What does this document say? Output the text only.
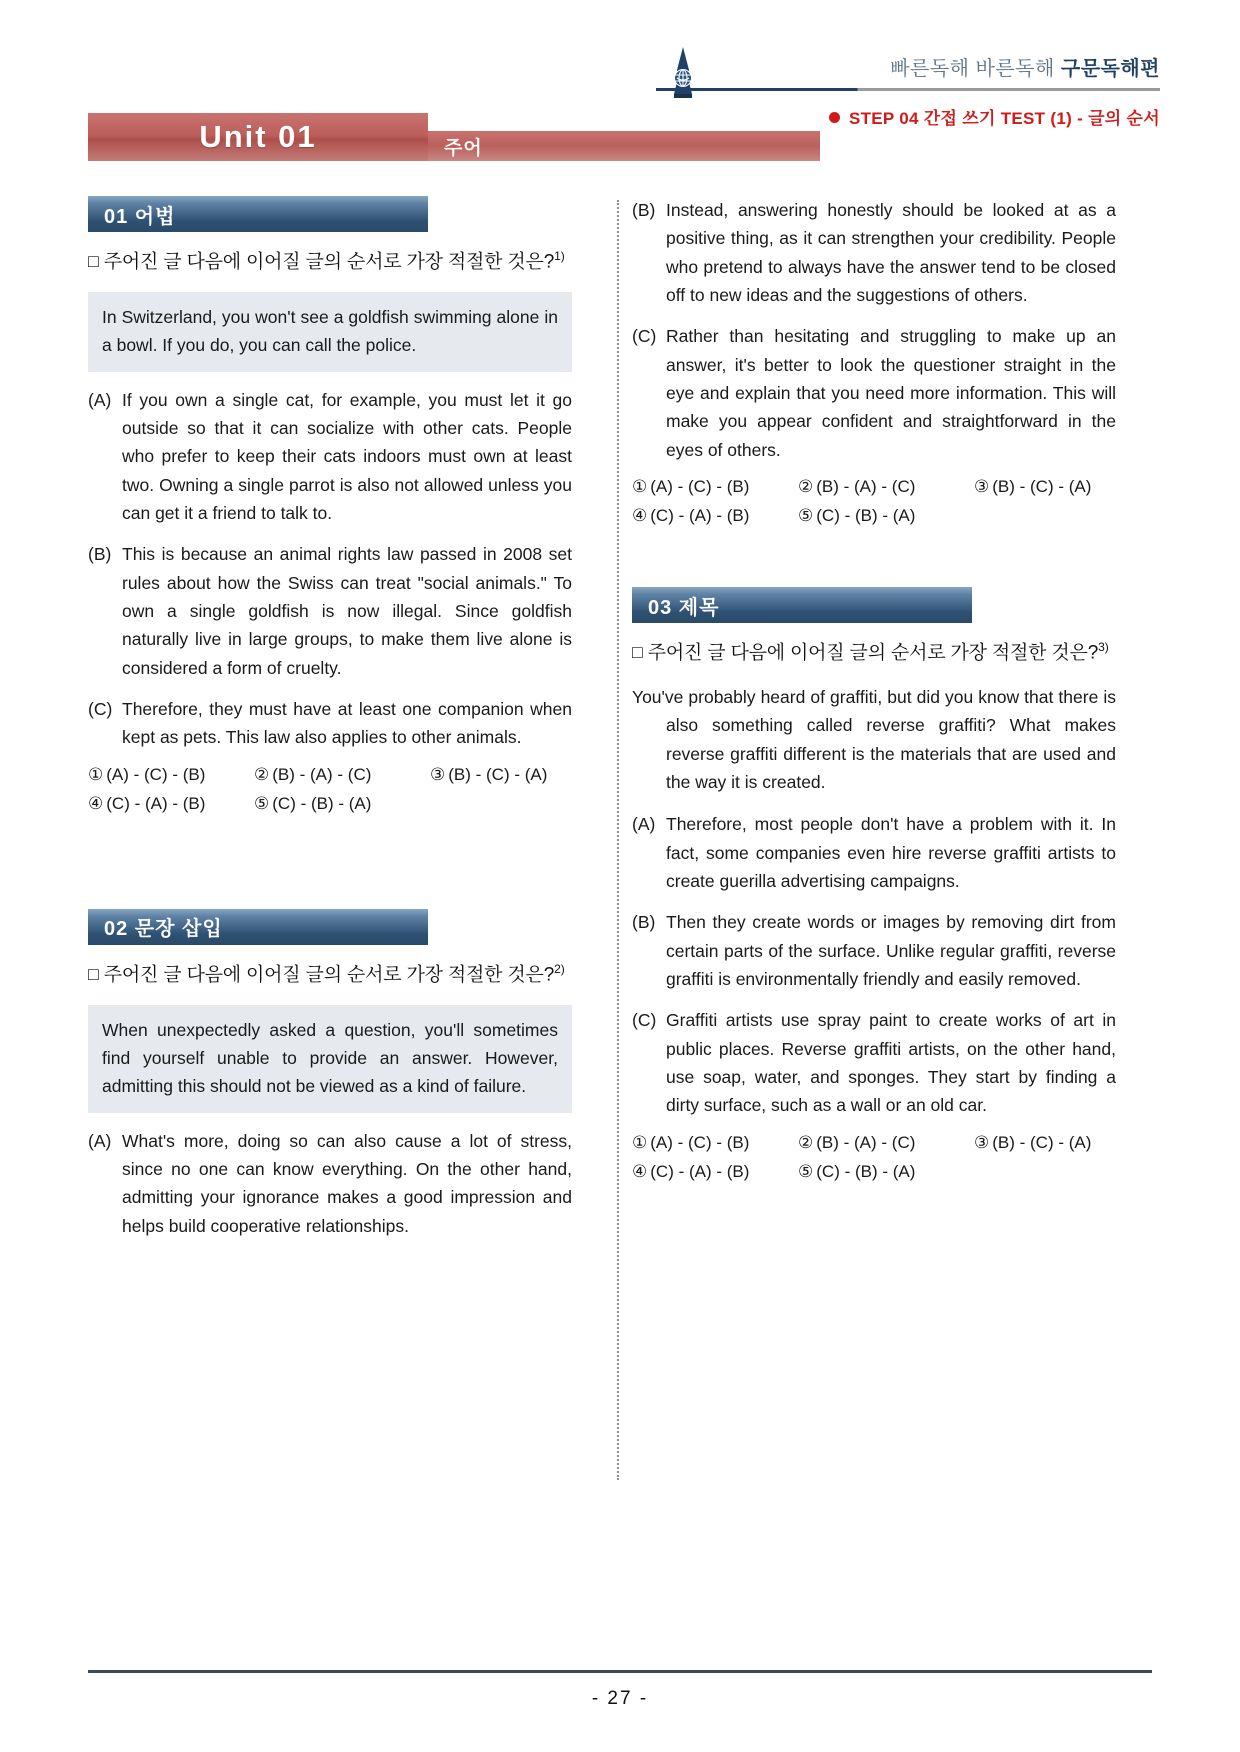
빠른독해 바른독해 구문독해편
STEP 04 간접 쓰기 TEST (1) - 글의 순서
주어
Unit 01
01 어법
□ 주어진 글 다음에 이어질 글의 순서로 가장 적절한 것은?$^{1)}$

In Switzerland, you won't see a goldfish swimming alone in a bowl. If you do, you can call the police.

(A) If you own a single cat, for example, you must let it go outside so that it can socialize with other cats. People who prefer to keep their cats indoors must own at least two. Owning a single parrot is also not allowed unless you can get it a friend to talk to.
(B) This is because an animal rights law passed in 2008 set rules about how the Swiss can treat "social animals." To own a single goldfish is now illegal. Since goldfish naturally live in large groups, to make them live alone is considered a form of cruelty.
(C) Therefore, they must have at least one companion when kept as pets. This law also applies to other animals.
① (A) - (C) - (B)	② (B) - (A) - (C)	③ (B) - (C) - (A)
④ (C) - (A) - (B)	⑤ (C) - (B) - (A)
02 문장 삽입
□ 주어진 글 다음에 이어질 글의 순서로 가장 적절한 것은?$^{2)}$

When unexpectedly asked a question, you'll sometimes find yourself unable to provide an answer. However, admitting this should not be viewed as a kind of failure.

(A) What's more, doing so can also cause a lot of stress, since no one can know everything. On the other hand, admitting your ignorance makes a good impression and helps build cooperative relationships.
(B) Instead, answering honestly should be looked at as a positive thing, as it can strengthen your credibility. People who pretend to always have the answer tend to be closed off to new ideas and the suggestions of others.
(C) Rather than hesitating and struggling to make up an answer, it's better to look the questioner straight in the eye and explain that you need more information. This will make you appear confident and straightforward in the eyes of others.
① (A) - (C) - (B)	② (B) - (A) - (C)	③ (B) - (C) - (A)
④ (C) - (A) - (B)	⑤ (C) - (B) - (A)
03 제목
□ 주어진 글 다음에 이어질 글의 순서로 가장 적절한 것은?$^{3)}$

You've probably heard of graffiti, but did you know that there is also something called reverse graffiti? What makes reverse graffiti different is the materials that are used and the way it is created.

(A) Therefore, most people don't have a problem with it. In fact, some companies even hire reverse graffiti artists to create guerilla advertising campaigns.
(B) Then they create words or images by removing dirt from certain parts of the surface. Unlike regular graffiti, reverse graffiti is environmentally friendly and easily removed.
(C) Graffiti artists use spray paint to create works of art in public places. Reverse graffiti artists, on the other hand, use soap, water, and sponges. They start by finding a dirty surface, such as a wall or an old car.
① (A) - (C) - (B)	② (B) - (A) - (C)	③ (B) - (C) - (A)
④ (C) - (A) - (B)	⑤ (C) - (B) - (A)
- 27 -
